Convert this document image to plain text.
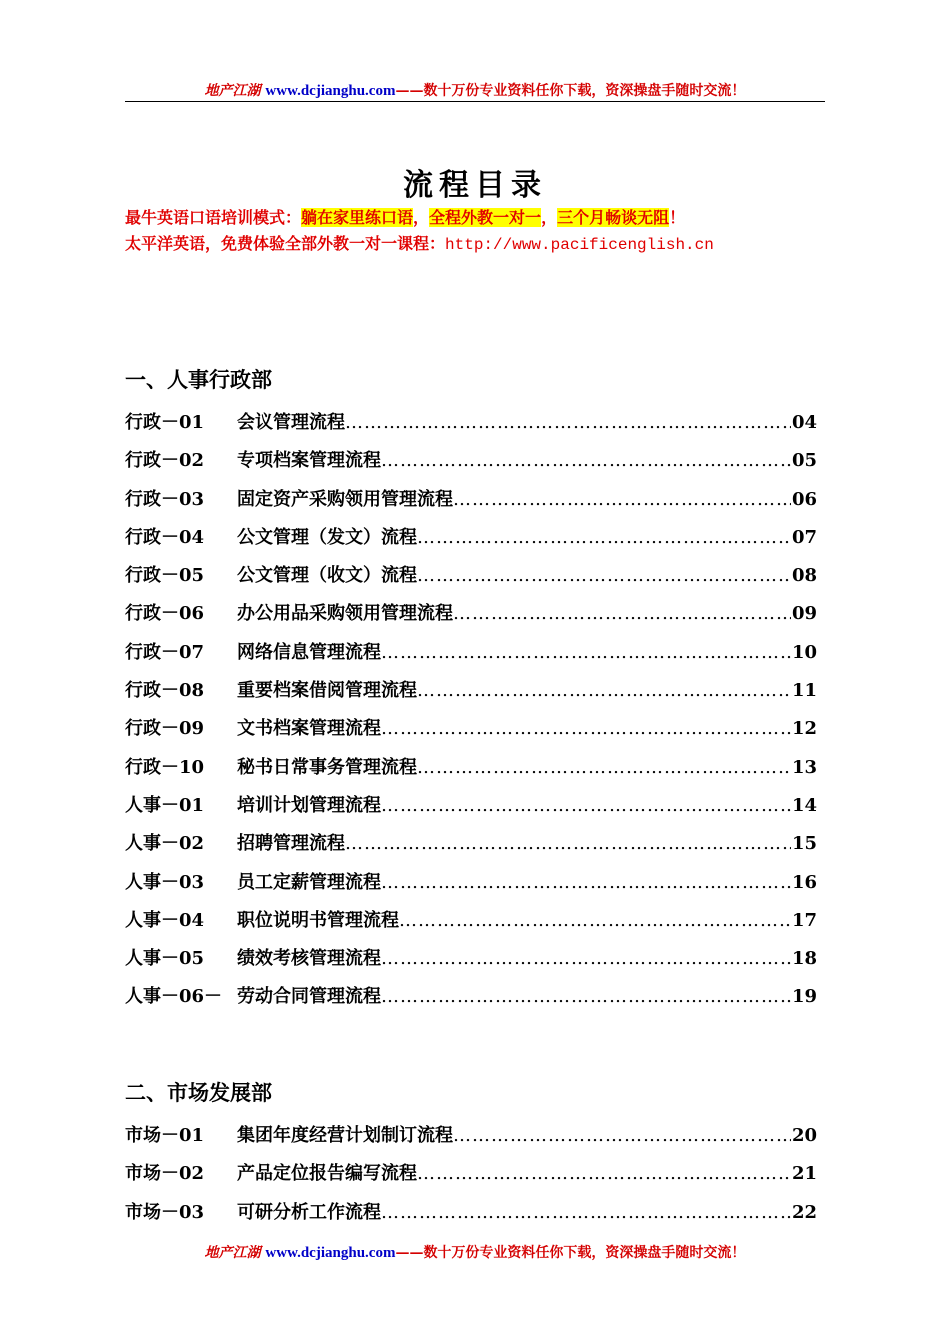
地产江湖 www.dcjianghu.com——数十万份专业资料任你下载，资深操盘手随时交流！
流程目录
最牛英语口语培训模式：躺在家里练口语，全程外教一对一，三个月畅谈无阻！
太平洋英语，免费体验全部外教一对一课程：http://www.pacificenglish.cn
一、人事行政部
行政－01	会议管理流程 ……………………………………………………………………………………………………………………………………………………………………	04
行政－02	专项档案管理流程 ……………………………………………………………………………………………………………………………………………………………………	05
行政－03	固定资产采购领用管理流程 ……………………………………………………………………………………………………………………………………………………………………	06
行政－04	公文管理（发文）流程 ……………………………………………………………………………………………………………………………………………………………………	07
行政－05	公文管理（收文）流程 ……………………………………………………………………………………………………………………………………………………………………	08
行政－06	办公用品采购领用管理流程 ……………………………………………………………………………………………………………………………………………………………………	09
行政－07	网络信息管理流程 ……………………………………………………………………………………………………………………………………………………………………	10
行政－08	重要档案借阅管理流程 ……………………………………………………………………………………………………………………………………………………………………	11
行政－09	文书档案管理流程 ……………………………………………………………………………………………………………………………………………………………………	12
行政－10	秘书日常事务管理流程 ……………………………………………………………………………………………………………………………………………………………………	13
人事－01	培训计划管理流程 ……………………………………………………………………………………………………………………………………………………………………	14
人事－02	招聘管理流程 ……………………………………………………………………………………………………………………………………………………………………	15
人事－03	员工定薪管理流程 ……………………………………………………………………………………………………………………………………………………………………	16
人事－04	职位说明书管理流程 ……………………………………………………………………………………………………………………………………………………………………	17
人事－05	绩效考核管理流程 ……………………………………………………………………………………………………………………………………………………………………	18
人事－06－ 劳动合同管理流程 ……………………………………………………………………………………………………………………………………………………………………	19
二、市场发展部
市场－01	集团年度经营计划制订流程 ……………………………………………………………………………………………………………………………………………………………………	20
市场－02	产品定位报告编写流程 ……………………………………………………………………………………………………………………………………………………………………	21
市场－03	可研分析工作流程 ……………………………………………………………………………………………………………………………………………………………………	22
地产江湖 www.dcjianghu.com——数十万份专业资料任你下载，资深操盘手随时交流！
